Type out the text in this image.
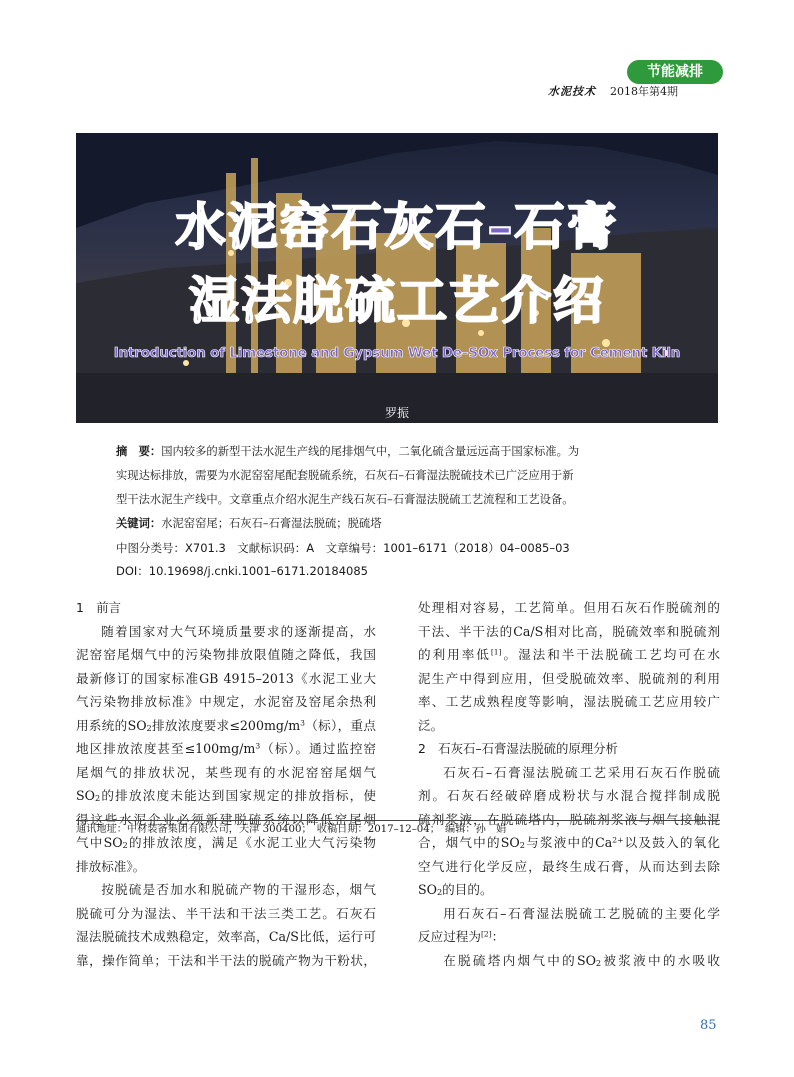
节能减排
水泥技术 2018年第4期
水泥窑石灰石–石膏
湿法脱硫工艺介绍
Introduction of Limestone and Gypsum Wet De–SOx Process for Cement Kiln
罗振
摘　要：国内较多的新型干法水泥生产线的尾排烟气中，二氧化硫含量远远高于国家标准。为
实现达标排放，需要为水泥窑窑尾配套脱硫系统，石灰石–石膏湿法脱硫技术已广泛应用于新
型干法水泥生产线中。文章重点介绍水泥生产线石灰石–石膏湿法脱硫工艺流程和工艺设备。
关键词：水泥窑窑尾；石灰石–石膏湿法脱硫；脱硫塔
中图分类号：X701.3　文献标识码：A　文章编号：1001–6171（2018）04–0085–03
DOI：10.19698/j.cnki.1001–6171.20184085
1　前言
随着国家对大气环境质量要求的逐渐提高，水
泥窑窑尾烟气中的污染物排放限值随之降低，我国
最新修订的国家标准GB 4915–2013《水泥工业大
气污染物排放标准》中规定，水泥窑及窑尾余热利
用系统的$SO_2$排放浓度要求$\le 200mg/m^3$（标），重点
地区排放浓度甚至$\le 100mg/m^3$（标）。通过监控窑
尾烟气的排放状况，某些现有的水泥窑窑尾烟气
$SO_2$的排放浓度未能达到国家规定的排放指标，使
得这些水泥企业必须新建脱硫系统以降低窑尾烟
气中$SO_2$的排放浓度，满足《水泥工业大气污染物
排放标准》。
按脱硫是否加水和脱硫产物的干湿形态，烟气
脱硫可分为湿法、半干法和干法三类工艺。石灰石
湿法脱硫技术成熟稳定，效率高，Ca/S比低，运行可
靠，操作简单；干法和半干法的脱硫产物为干粉状，
处理相对容易，工艺简单。但用石灰石作脱硫剂的
干法、半干法的Ca/S相对比高，脱硫效率和脱硫剂
的利用率低[1]。湿法和半干法脱硫工艺均可在水
泥生产中得到应用，但受脱硫效率、脱硫剂的利用
率、工艺成熟程度等影响，湿法脱硫工艺应用较广
泛。
2　石灰石–石膏湿法脱硫的原理分析
石灰石–石膏湿法脱硫工艺采用石灰石作脱硫
剂。石灰石经破碎磨成粉状与水混合搅拌制成脱
硫剂浆液，在脱硫塔内，脱硫剂浆液与烟气接触混
合，烟气中的$SO_2$与浆液中的$Ca^{2+}$以及鼓入的氧化
空气进行化学反应，最终生成石膏，从而达到去除
$SO_2$的目的。
用石灰石–石膏湿法脱硫工艺脱硫的主要化学
反应过程为[2]：
在脱硫塔内烟气中的$SO_2$被浆液中的水吸收
通讯地址：中材装备集团有限公司，天津 300400；　收稿日期：2017–12–04；　编辑：孙　娟
85
